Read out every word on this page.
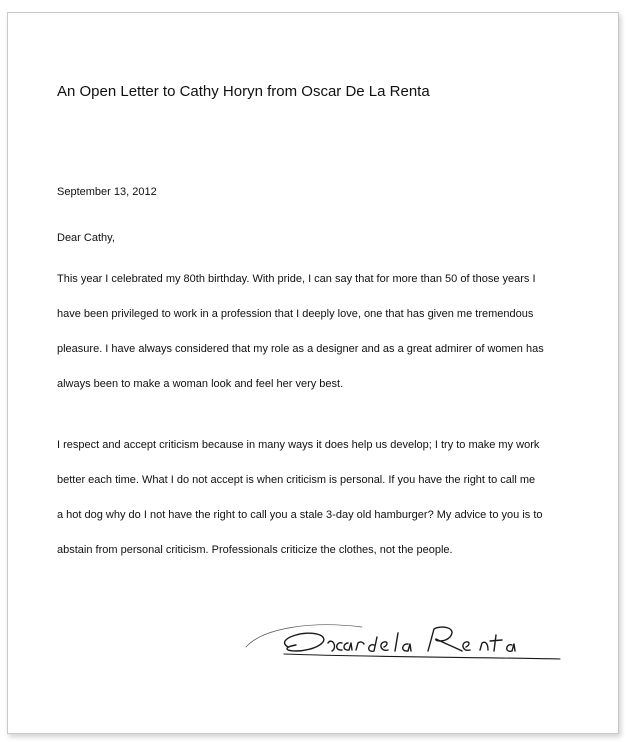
An Open Letter to Cathy Horyn from Oscar De La Renta

September 13, 2012

Dear Cathy,

This year I celebrated my 80th birthday. With pride, I can say that for more than 50 of those years I
have been privileged to work in a profession that I deeply love, one that has given me tremendous
pleasure. I have always considered that my role as a designer and as a great admirer of women has
always been to make a woman look and feel her very best.
I respect and accept criticism because in many ways it does help us develop; I try to make my work
better each time. What I do not accept is when criticism is personal. If you have the right to call me
a hot dog why do I not have the right to call you a stale 3-day old hamburger? My advice to you is to
abstain from personal criticism. Professionals criticize the clothes, not the people.
